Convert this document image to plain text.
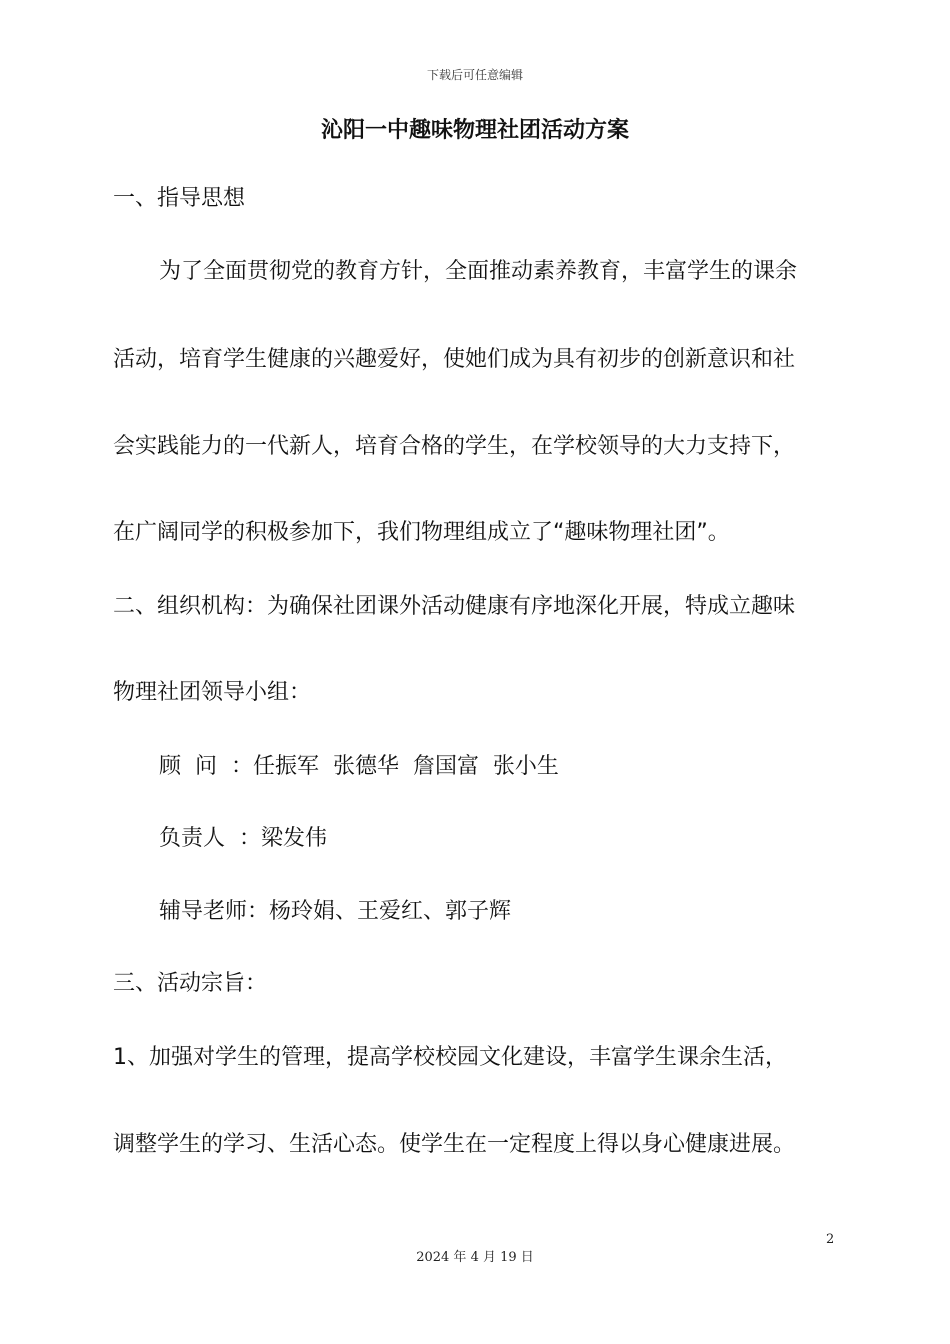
下载后可任意编辑
沁阳一中趣味物理社团活动方案

一、指导思想

为了全面贯彻党的教育方针，全面推动素养教育，丰富学生的课余

活动，培育学生健康的兴趣爱好，使她们成为具有初步的创新意识和社

会实践能力的一代新人，培育合格的学生，在学校领导的大力支持下，

在广阔同学的积极参加下，我们物理组成立了“趣味物理社团”。

二、组织机构：为确保社团课外活动健康有序地深化开展，特成立趣味

物理社团领导小组：

顾  问  ：任振军  张德华  詹国富  张小生

负责人  ：梁发伟

辅导老师：杨玲娟、王爱红、郭子辉

三、活动宗旨：

1、加强对学生的管理，提高学校校园文化建设，丰富学生课余生活，

调整学生的学习、生活心态。使学生在一定程度上得以身心健康进展。

2
2024 年 4 月 19 日
